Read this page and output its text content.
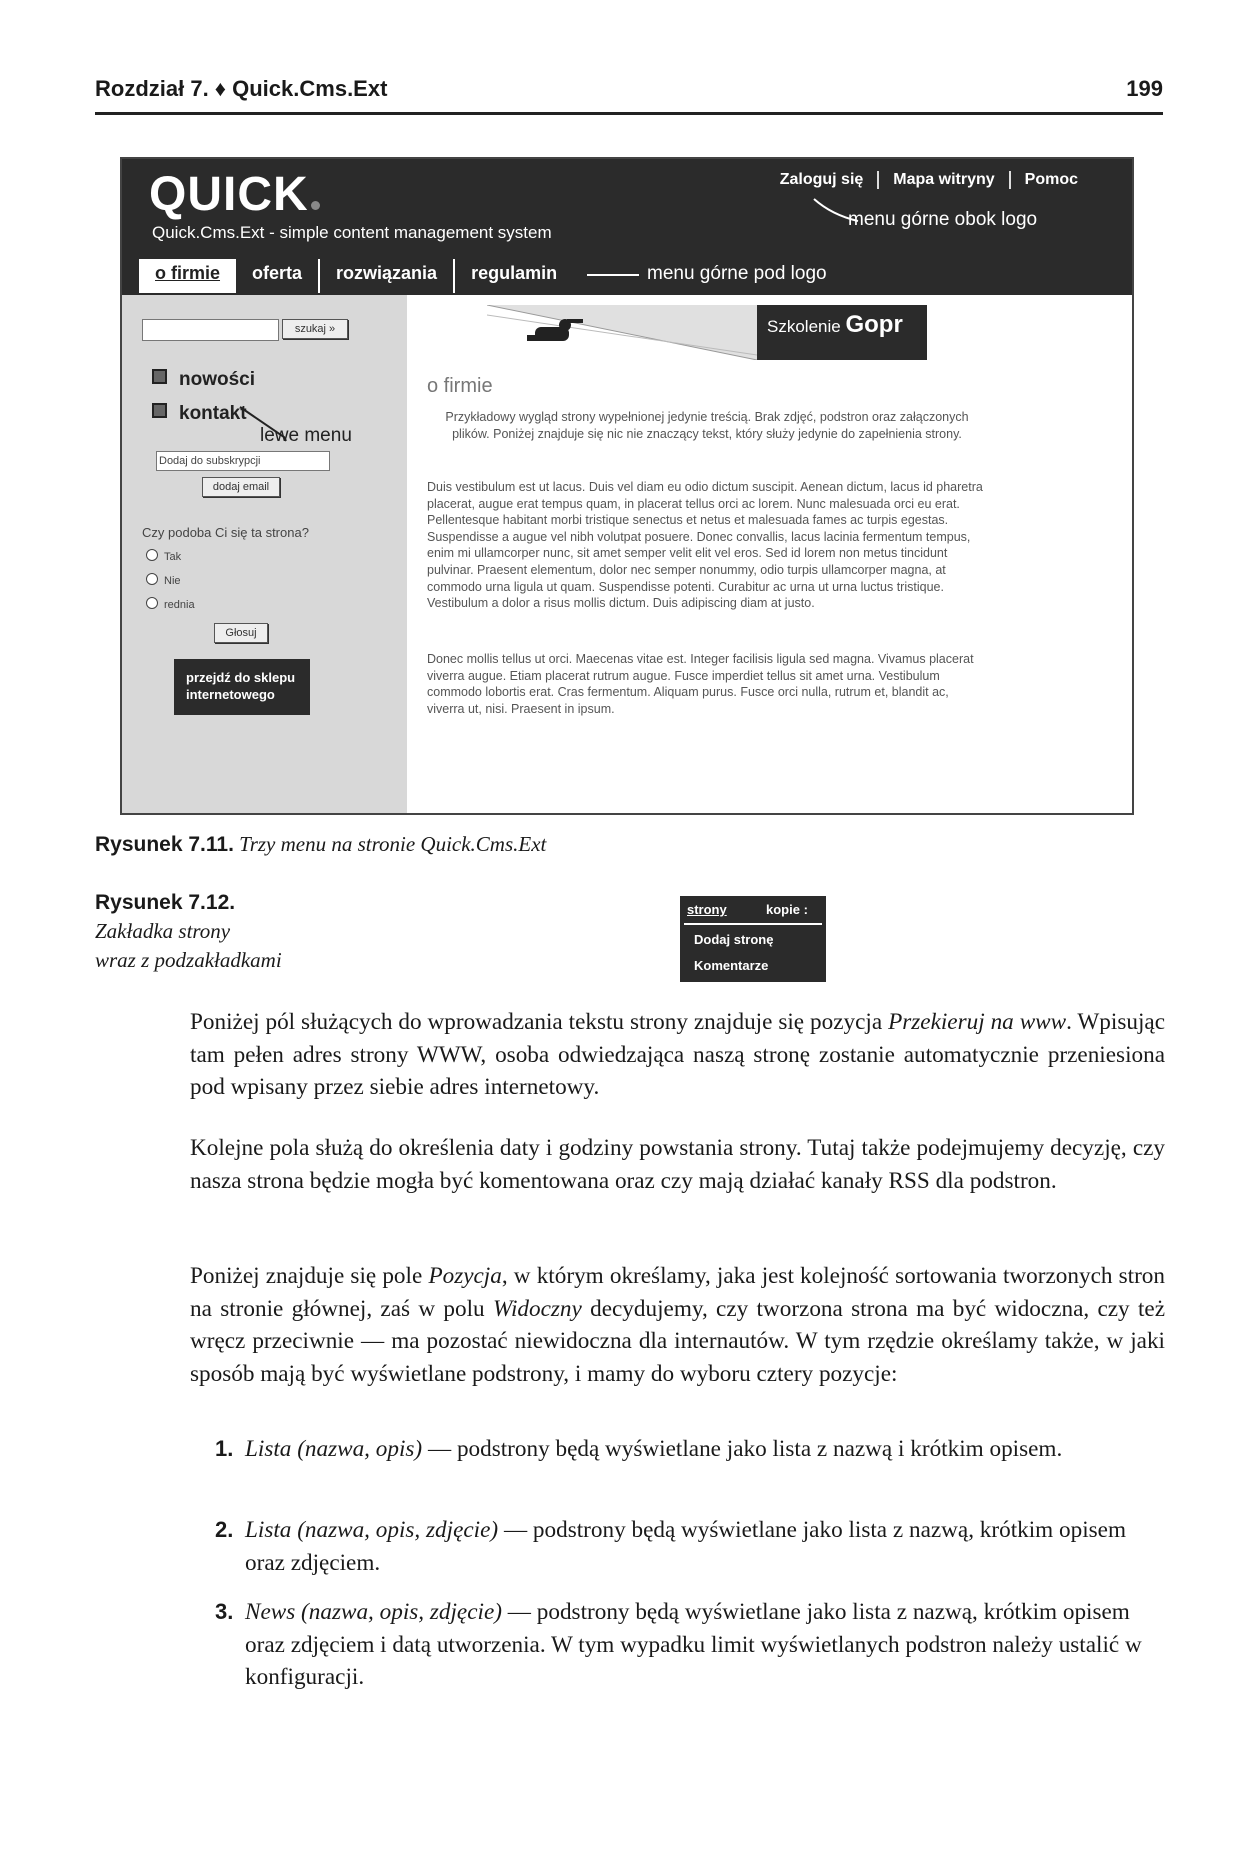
Rozdział 7. ♦ Quick.Cms.Ext	199
QUICK
Quick.Cms.Ext - simple content management system
Zaloguj się	Mapa witryny	Pomoc
menu górne obok logo
o firmie	oferta	rozwiązania	regulamin	menu górne pod logo
szukaj »
nowości
kontakt
lewe menu
Dodaj do subskrypcji
dodaj email
Czy podoba Ci się ta strona?
Tak
Nie
rednia
Głosuj
przejdź do sklepu internetowego
Szkolenie Gopr
o firmie
Przykładowy wygląd strony wypełnionej jedynie treścią. Brak zdjęć, podstron oraz załączonych plików. Poniżej znajduje się nic nie znaczący tekst, który służy jedynie do zapełnienia strony.
Duis vestibulum est ut lacus. Duis vel diam eu odio dictum suscipit. Aenean dictum, lacus id pharetra placerat, augue erat tempus quam, in placerat tellus orci ac lorem. Nunc malesuada orci eu erat. Pellentesque habitant morbi tristique senectus et netus et malesuada fames ac turpis egestas. Suspendisse a augue vel nibh volutpat posuere. Donec convallis, lacus lacinia fermentum tempus, enim mi ullamcorper nunc, sit amet semper velit elit vel eros. Sed id lorem non metus tincidunt pulvinar. Praesent elementum, dolor nec semper nonummy, odio turpis ullamcorper magna, at commodo urna ligula ut quam. Suspendisse potenti. Curabitur ac urna ut urna luctus tristique. Vestibulum a dolor a risus mollis dictum. Duis adipiscing diam at justo.
Donec mollis tellus ut orci. Maecenas vitae est. Integer facilisis ligula sed magna. Vivamus placerat viverra augue. Etiam placerat rutrum augue. Fusce imperdiet tellus sit amet urna. Vestibulum commodo lobortis erat. Cras fermentum. Aliquam purus. Fusce orci nulla, rutrum et, blandit ac, viverra ut, nisi. Praesent in ipsum.
Rysunek 7.11. Trzy menu na stronie Quick.Cms.Ext
Rysunek 7.12.
Zakładka strony
wraz z podzakładkami
strony	kopie :
Dodaj stronę
Komentarze
Poniżej pól służących do wprowadzania tekstu strony znajduje się pozycja Przekieruj na www. Wpisując tam pełen adres strony WWW, osoba odwiedzająca naszą stronę zostanie automatycznie przeniesiona pod wpisany przez siebie adres internetowy.
Kolejne pola służą do określenia daty i godziny powstania strony. Tutaj także podejmujemy decyzję, czy nasza strona będzie mogła być komentowana oraz czy mają działać kanały RSS dla podstron.
Poniżej znajduje się pole Pozycja, w którym określamy, jaka jest kolejność sortowania tworzonych stron na stronie głównej, zaś w polu Widoczny decydujemy, czy tworzona strona ma być widoczna, czy też wręcz przeciwnie — ma pozostać niewidoczna dla internautów. W tym rzędzie określamy także, w jaki sposób mają być wyświetlane podstrony, i mamy do wyboru cztery pozycje:
1. Lista (nazwa, opis) — podstrony będą wyświetlane jako lista z nazwą i krótkim opisem.
2. Lista (nazwa, opis, zdjęcie) — podstrony będą wyświetlane jako lista z nazwą, krótkim opisem oraz zdjęciem.
3. News (nazwa, opis, zdjęcie) — podstrony będą wyświetlane jako lista z nazwą, krótkim opisem oraz zdjęciem i datą utworzenia. W tym wypadku limit wyświetlanych podstron należy ustalić w konfiguracji.
